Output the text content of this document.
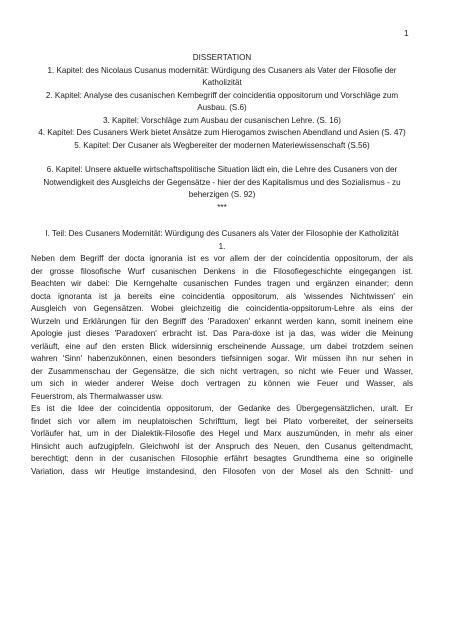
1

DISSERTATION

1. Kapitel: des Nicolaus Cusanus modernität: Würdigung des Cusaners als Vater der Filosofie der Katholizität

2. Kapitel: Analyse des cusanischen Kernbegriff der coincidentia oppositorum und Vorschläge zum Ausbau. (S.6)

3. Kapitel: Vorschläge zum Ausbau der cusanischen Lehre. (S. 16)

4. Kapitel: Des Cusaners Werk bietet Ansätze zum Hierogamos zwischen Abendland und Asien (S. 47)

5. Kapitel: Der Cusaner als Wegbereiter der modernen Materiewissenschaft (S.56)

6. Kapitel: Unsere aktuelle wirtschaftspolitische Situation lädt ein, die Lehre des Cusaners von der Notwendigkeit des Ausgleichs der Gegensätze - hier der des Kapitalismus und des Sozialismus - zu beherzigen (S. 92)

***

I. Teil: Des Cusaners Modernität: Würdigung des Cusaners als Vater der Filosophie der Katholizität

1.

Neben dem Begriff der docta ignorania ist es vor allem der der coincidentia oppositorum, der als
der grosse filosofische Wurf cusanischen Denkens in die Filosofiegeschichte eingegangen ist.
Beachten wir dabei: Die Kerngehalte cusanischen Fundes tragen und ergänzen einander; denn
docta ignoranta ist ja bereits eine coincidentia oppositorum, als 'wissendes Nichtwissen' ein
Ausgleich von Gegensätzen. Wobei gleichzeitig die coincidentia-oppsitorum-Lehre als eins der
Wurzeln und Erklärungen für den Begriff des 'Paradoxen' erkannt werden kann, somit ineinem eine
Apologie just dieses 'Paradoxen' erbracht ist. Das Para-doxe ist ja das, was wider die Meinung
verläuft, eine auf den ersten Blick widersinnig erscheinende Aussage, um dabei trotzdem seinen
wahren 'Sinn' habenzukönnen, einen besonders tiefsinnigen sogar. Wir müssen ihn nur sehen in
der Zusammenschau der Gegensätze, die sich nicht vertragen, so nicht wie Feuer und Wasser,
um sich in wieder anderer Weise doch vertragen zu können wie Feuer und Wasser, als
Feuerstrom, als Thermalwasser usw.
Es ist die Idee der coincidentia oppositorum, der Gedanke des Übergegensätzlichen, uralt. Er
findet sich vor allem im neuplatoischen Schrifttum, liegt bei Plato vorbereitet, der seinerseits
Vorläufer hat, um in der Dialektik-Filosofie des Hegel und Marx auszumünden, in mehr als einer
Hinsicht auch aufzugipfeln. Gleichwohl ist der Anspruch des Neuen, den Cusanus geltendmacht,
berechtigt; denn in der cusanischen Filosophie erfährt besagtes Grundthema eine so originelle
Variation, dass wir Heutige imstandesind, den Filosofen von der Mosel als den Schnitt- und
